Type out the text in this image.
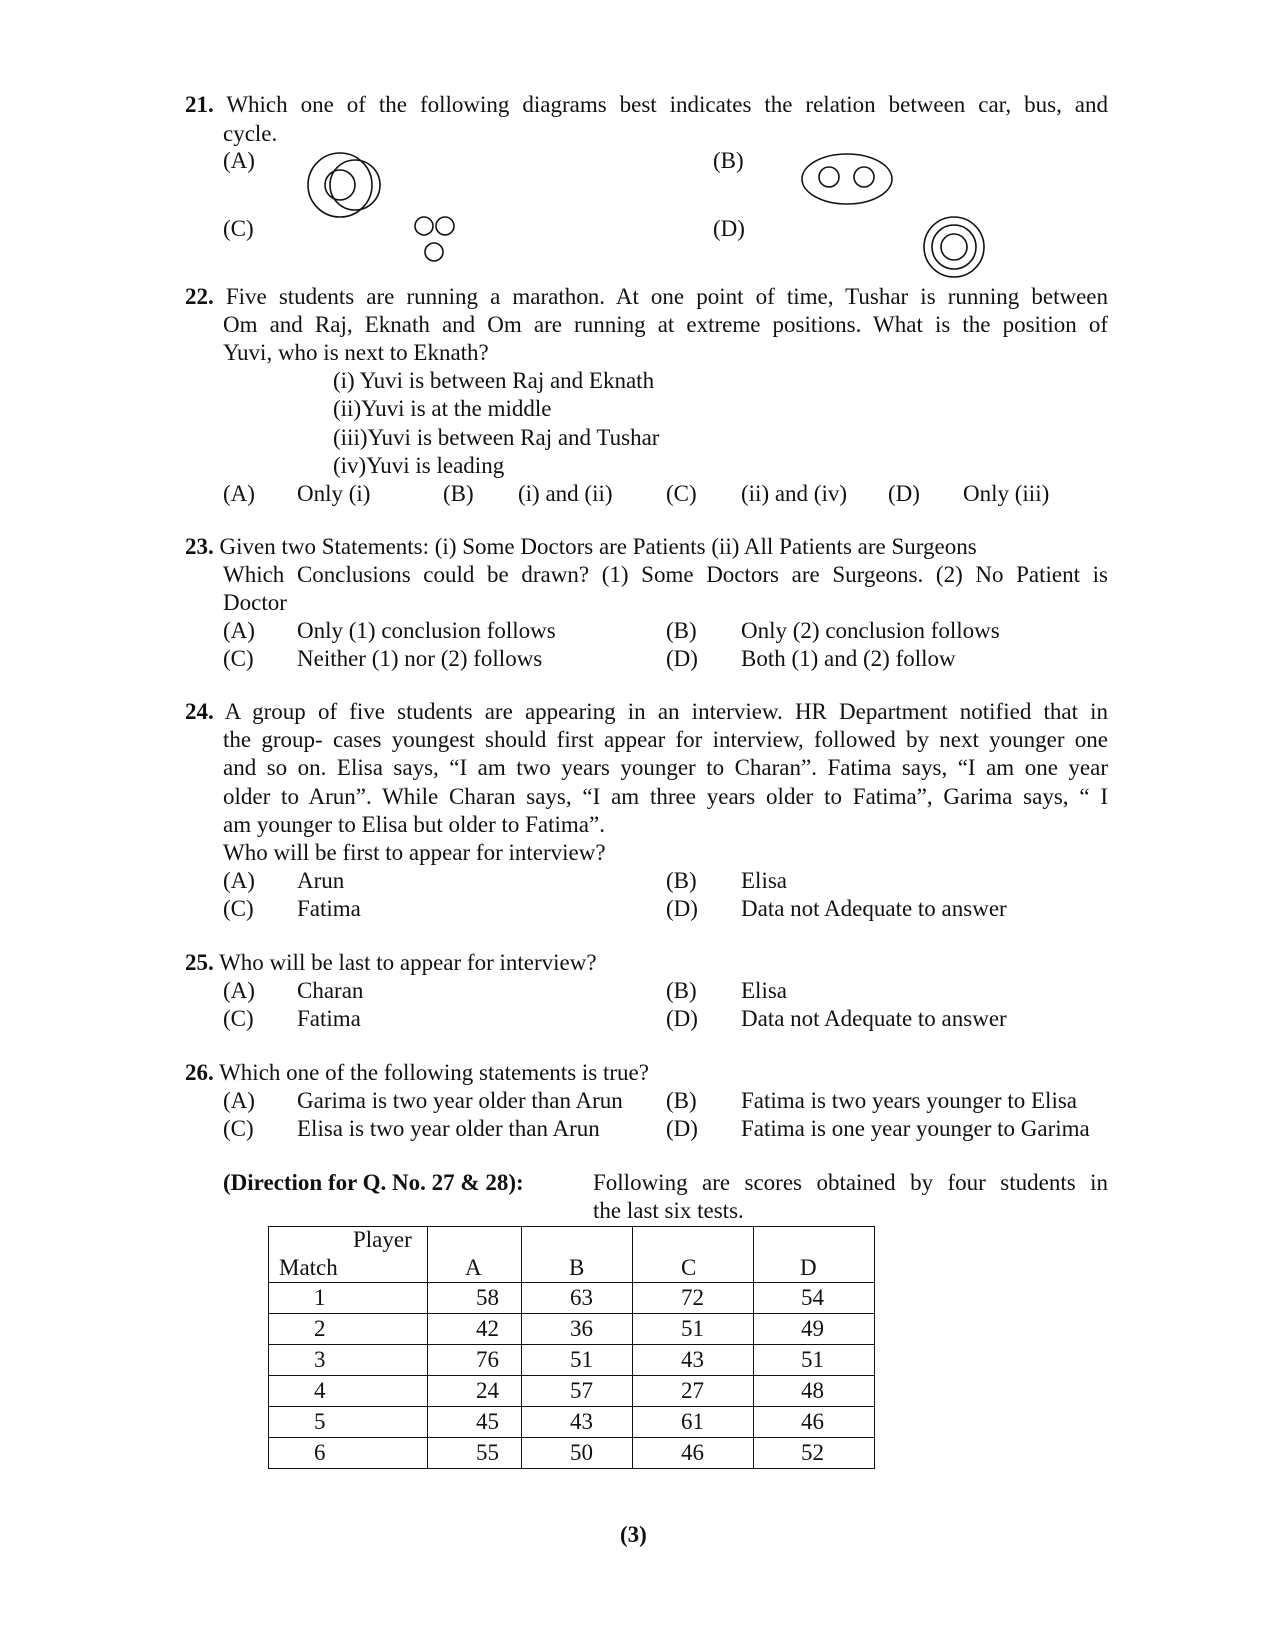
21. Which one of the following diagrams best indicates the relation between car, bus, and
cycle.
(A)	(B)
(C)	(D)
22. Five students are running a marathon. At one point of time, Tushar is running between
Om and Raj, Eknath and Om are running at extreme positions. What is the position of
Yuvi, who is next to Eknath?
(i) Yuvi is between Raj and Eknath
(ii)Yuvi is at the middle
(iii)Yuvi is between Raj and Tushar
(iv)Yuvi is leading
(A) Only (i)	(B) (i) and (ii) (C) (ii) and (iv) (D) Only (iii)
23. Given two Statements: (i) Some Doctors are Patients (ii) All Patients are Surgeons
Which Conclusions could be drawn? (1) Some Doctors are Surgeons. (2) No Patient is
Doctor
(A) Only (1) conclusion follows	(B) Only (2) conclusion follows
(C) Neither (1) nor (2) follows	(D) Both (1) and (2) follow
24. A group of five students are appearing in an interview. HR Department notified that in
the group- cases youngest should first appear for interview, followed by next younger one
and so on. Elisa says, “I am two years younger to Charan”. Fatima says, “I am one year
older to Arun”. While Charan says, “I am three years older to Fatima”, Garima says, “ I
am younger to Elisa but older to Fatima”.
Who will be first to appear for interview?
(A) Arun	(B) Elisa
(C) Fatima	(D) Data not Adequate to answer
25. Who will be last to appear for interview?
(A) Charan	(B) Elisa
(C) Fatima	(D) Data not Adequate to answer
26. Which one of the following statements is true?
(A) Garima is two year older than Arun (B) Fatima is two years younger to Elisa
(C) Elisa is two year older than Arun	(D) Fatima is one year younger to Garima
(Direction for Q. No. 27 & 28):	Following are scores obtained by four students in
the last six tests.
Player
Match	A	B	C	D

1	58	63	72	54
2	42	36	51	49
3	76	51	43	51
4	24	57	27	48
5	45	43	61	46
6	55	50	46	52
(3)
